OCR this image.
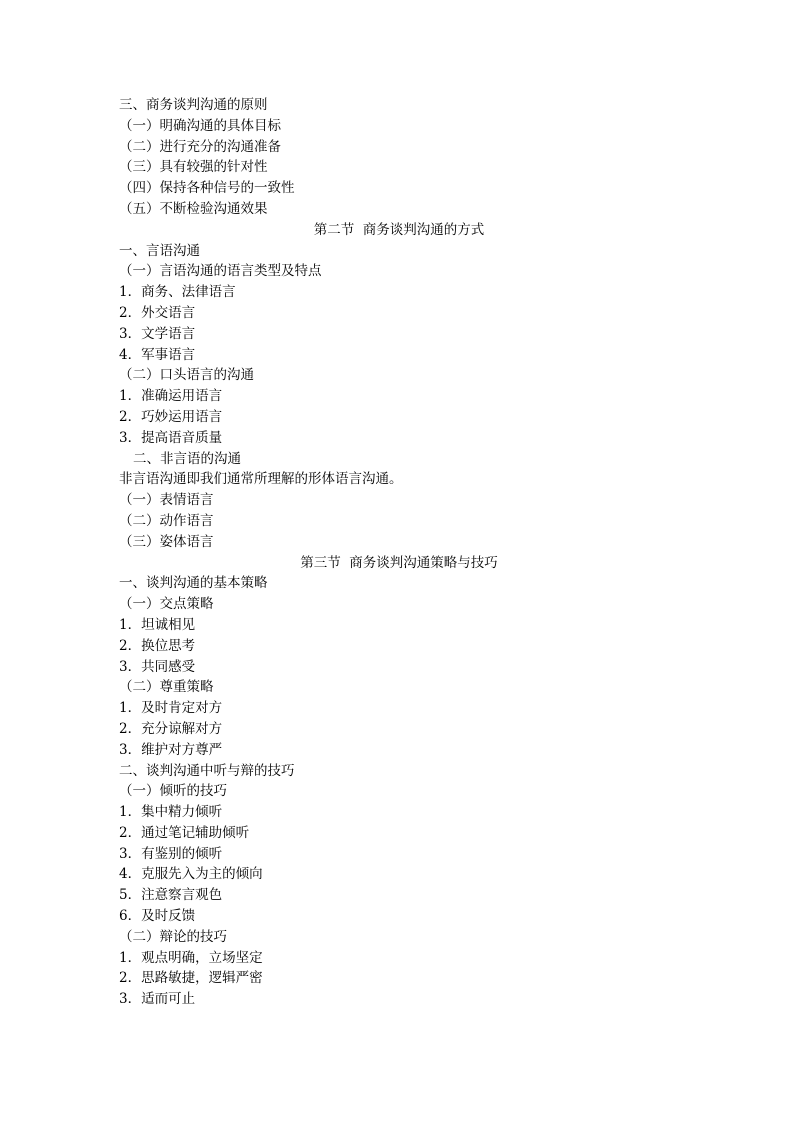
三、商务谈判沟通的原则

（一）明确沟通的具体目标

（二）进行充分的沟通准备

（三）具有较强的针对性

（四）保持各种信号的一致性

（五）不断检验沟通效果

第二节  商务谈判沟通的方式

一、言语沟通

（一）言语沟通的语言类型及特点

1．商务、法律语言

2．外交语言

3．文学语言

4．军事语言

（二）口头语言的沟通

1．准确运用语言

2．巧妙运用语言

3．提高语音质量

二、非言语的沟通

非言语沟通即我们通常所理解的形体语言沟通。

（一）表情语言

（二）动作语言

（三）姿体语言

第三节  商务谈判沟通策略与技巧

一、谈判沟通的基本策略

（一）交点策略

1．坦诚相见

2．换位思考

3．共同感受

（二）尊重策略

1．及时肯定对方

2．充分谅解对方

3．维护对方尊严

二、谈判沟通中听与辩的技巧

（一）倾听的技巧

1．集中精力倾听

2．通过笔记辅助倾听

3．有鉴别的倾听

4．克服先入为主的倾向

5．注意察言观色

6．及时反馈

（二）辩论的技巧

1．观点明确，立场坚定

2．思路敏捷，逻辑严密

3．适而可止
